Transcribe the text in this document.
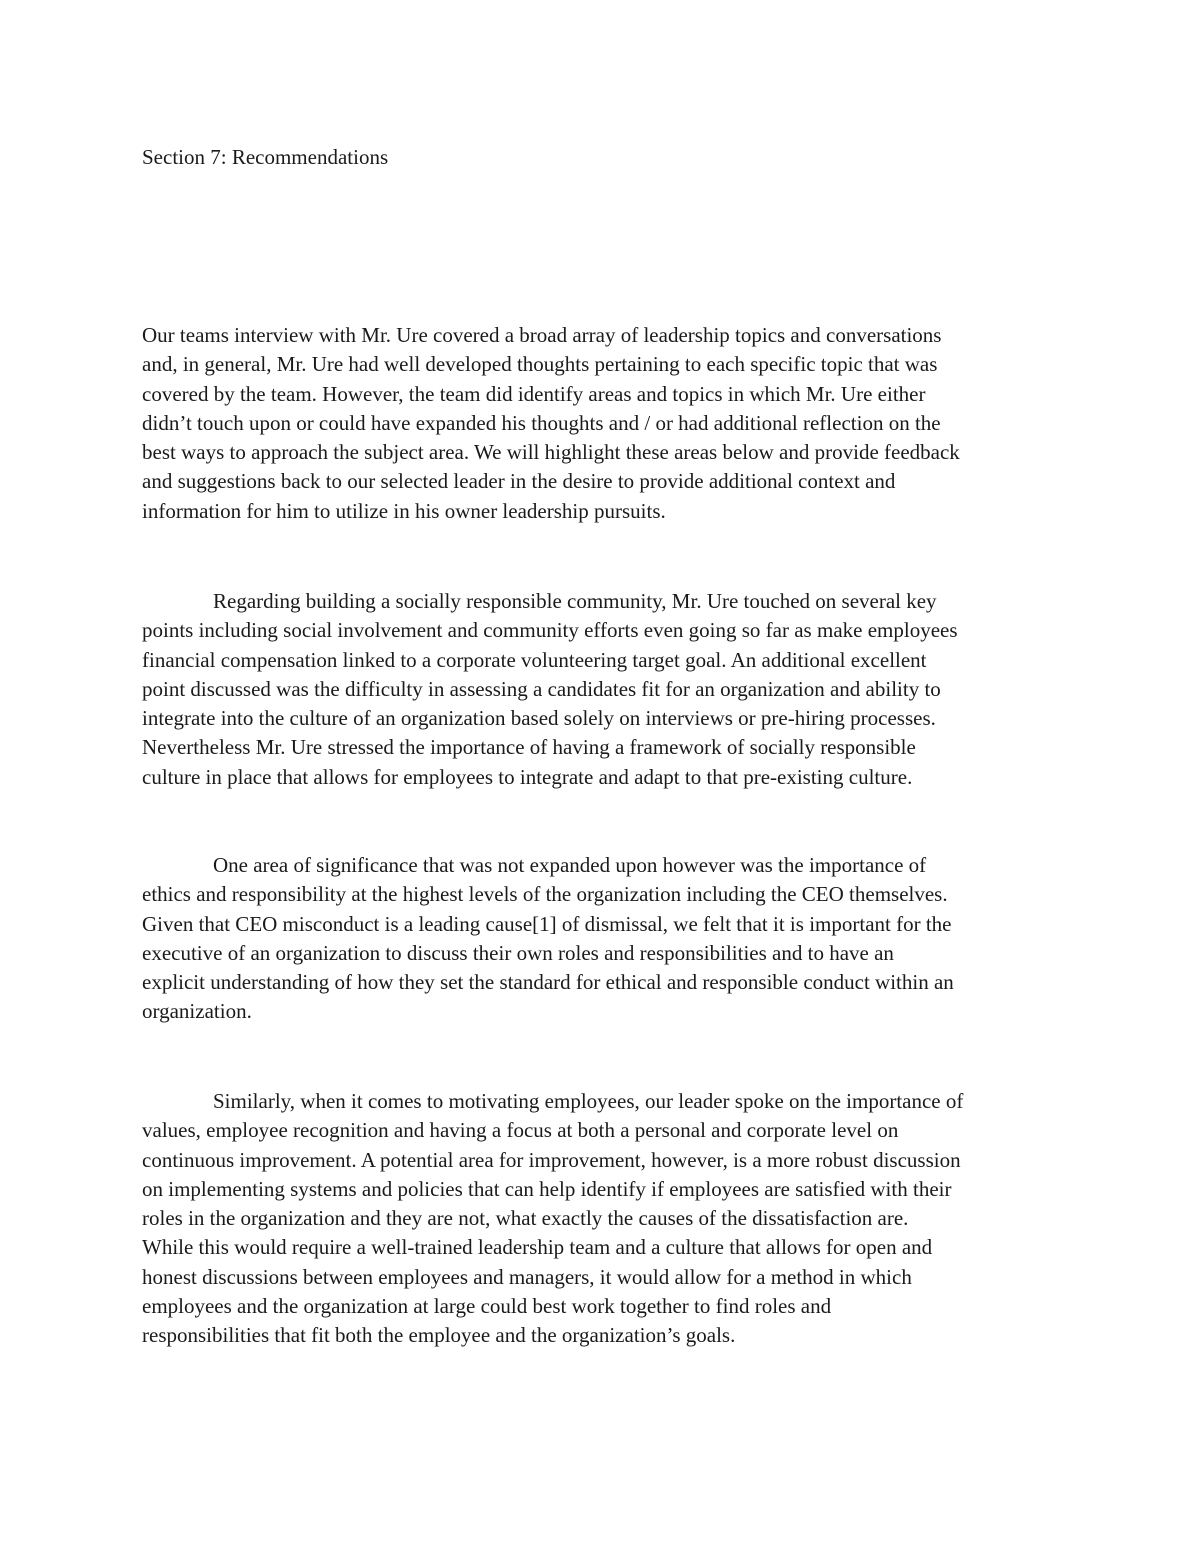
Section 7: Recommendations

Our teams interview with Mr. Ure covered a broad array of leadership topics and conversations
and, in general, Mr. Ure had well developed thoughts pertaining to each specific topic that was
covered by the team. However, the team did identify areas and topics in which Mr. Ure either
didn’t touch upon or could have expanded his thoughts and / or had additional reflection on the
best ways to approach the subject area. We will highlight these areas below and provide feedback
and suggestions back to our selected leader in the desire to provide additional context and
information for him to utilize in his owner leadership pursuits.

Regarding building a socially responsible community, Mr. Ure touched on several key
points including social involvement and community efforts even going so far as make employees
financial compensation linked to a corporate volunteering target goal. An additional excellent
point discussed was the difficulty in assessing a candidates fit for an organization and ability to
integrate into the culture of an organization based solely on interviews or pre-hiring processes.
Nevertheless Mr. Ure stressed the importance of having a framework of socially responsible
culture in place that allows for employees to integrate and adapt to that pre-existing culture.

One area of significance that was not expanded upon however was the importance of
ethics and responsibility at the highest levels of the organization including the CEO themselves.
Given that CEO misconduct is a leading cause[1] of dismissal, we felt that it is important for the
executive of an organization to discuss their own roles and responsibilities and to have an
explicit understanding of how they set the standard for ethical and responsible conduct within an
organization.

Similarly, when it comes to motivating employees, our leader spoke on the importance of
values, employee recognition and having a focus at both a personal and corporate level on
continuous improvement. A potential area for improvement, however, is a more robust discussion
on implementing systems and policies that can help identify if employees are satisfied with their
roles in the organization and they are not, what exactly the causes of the dissatisfaction are.
While this would require a well-trained leadership team and a culture that allows for open and
honest discussions between employees and managers, it would allow for a method in which
employees and the organization at large could best work together to find roles and
responsibilities that fit both the employee and the organization’s goals.
